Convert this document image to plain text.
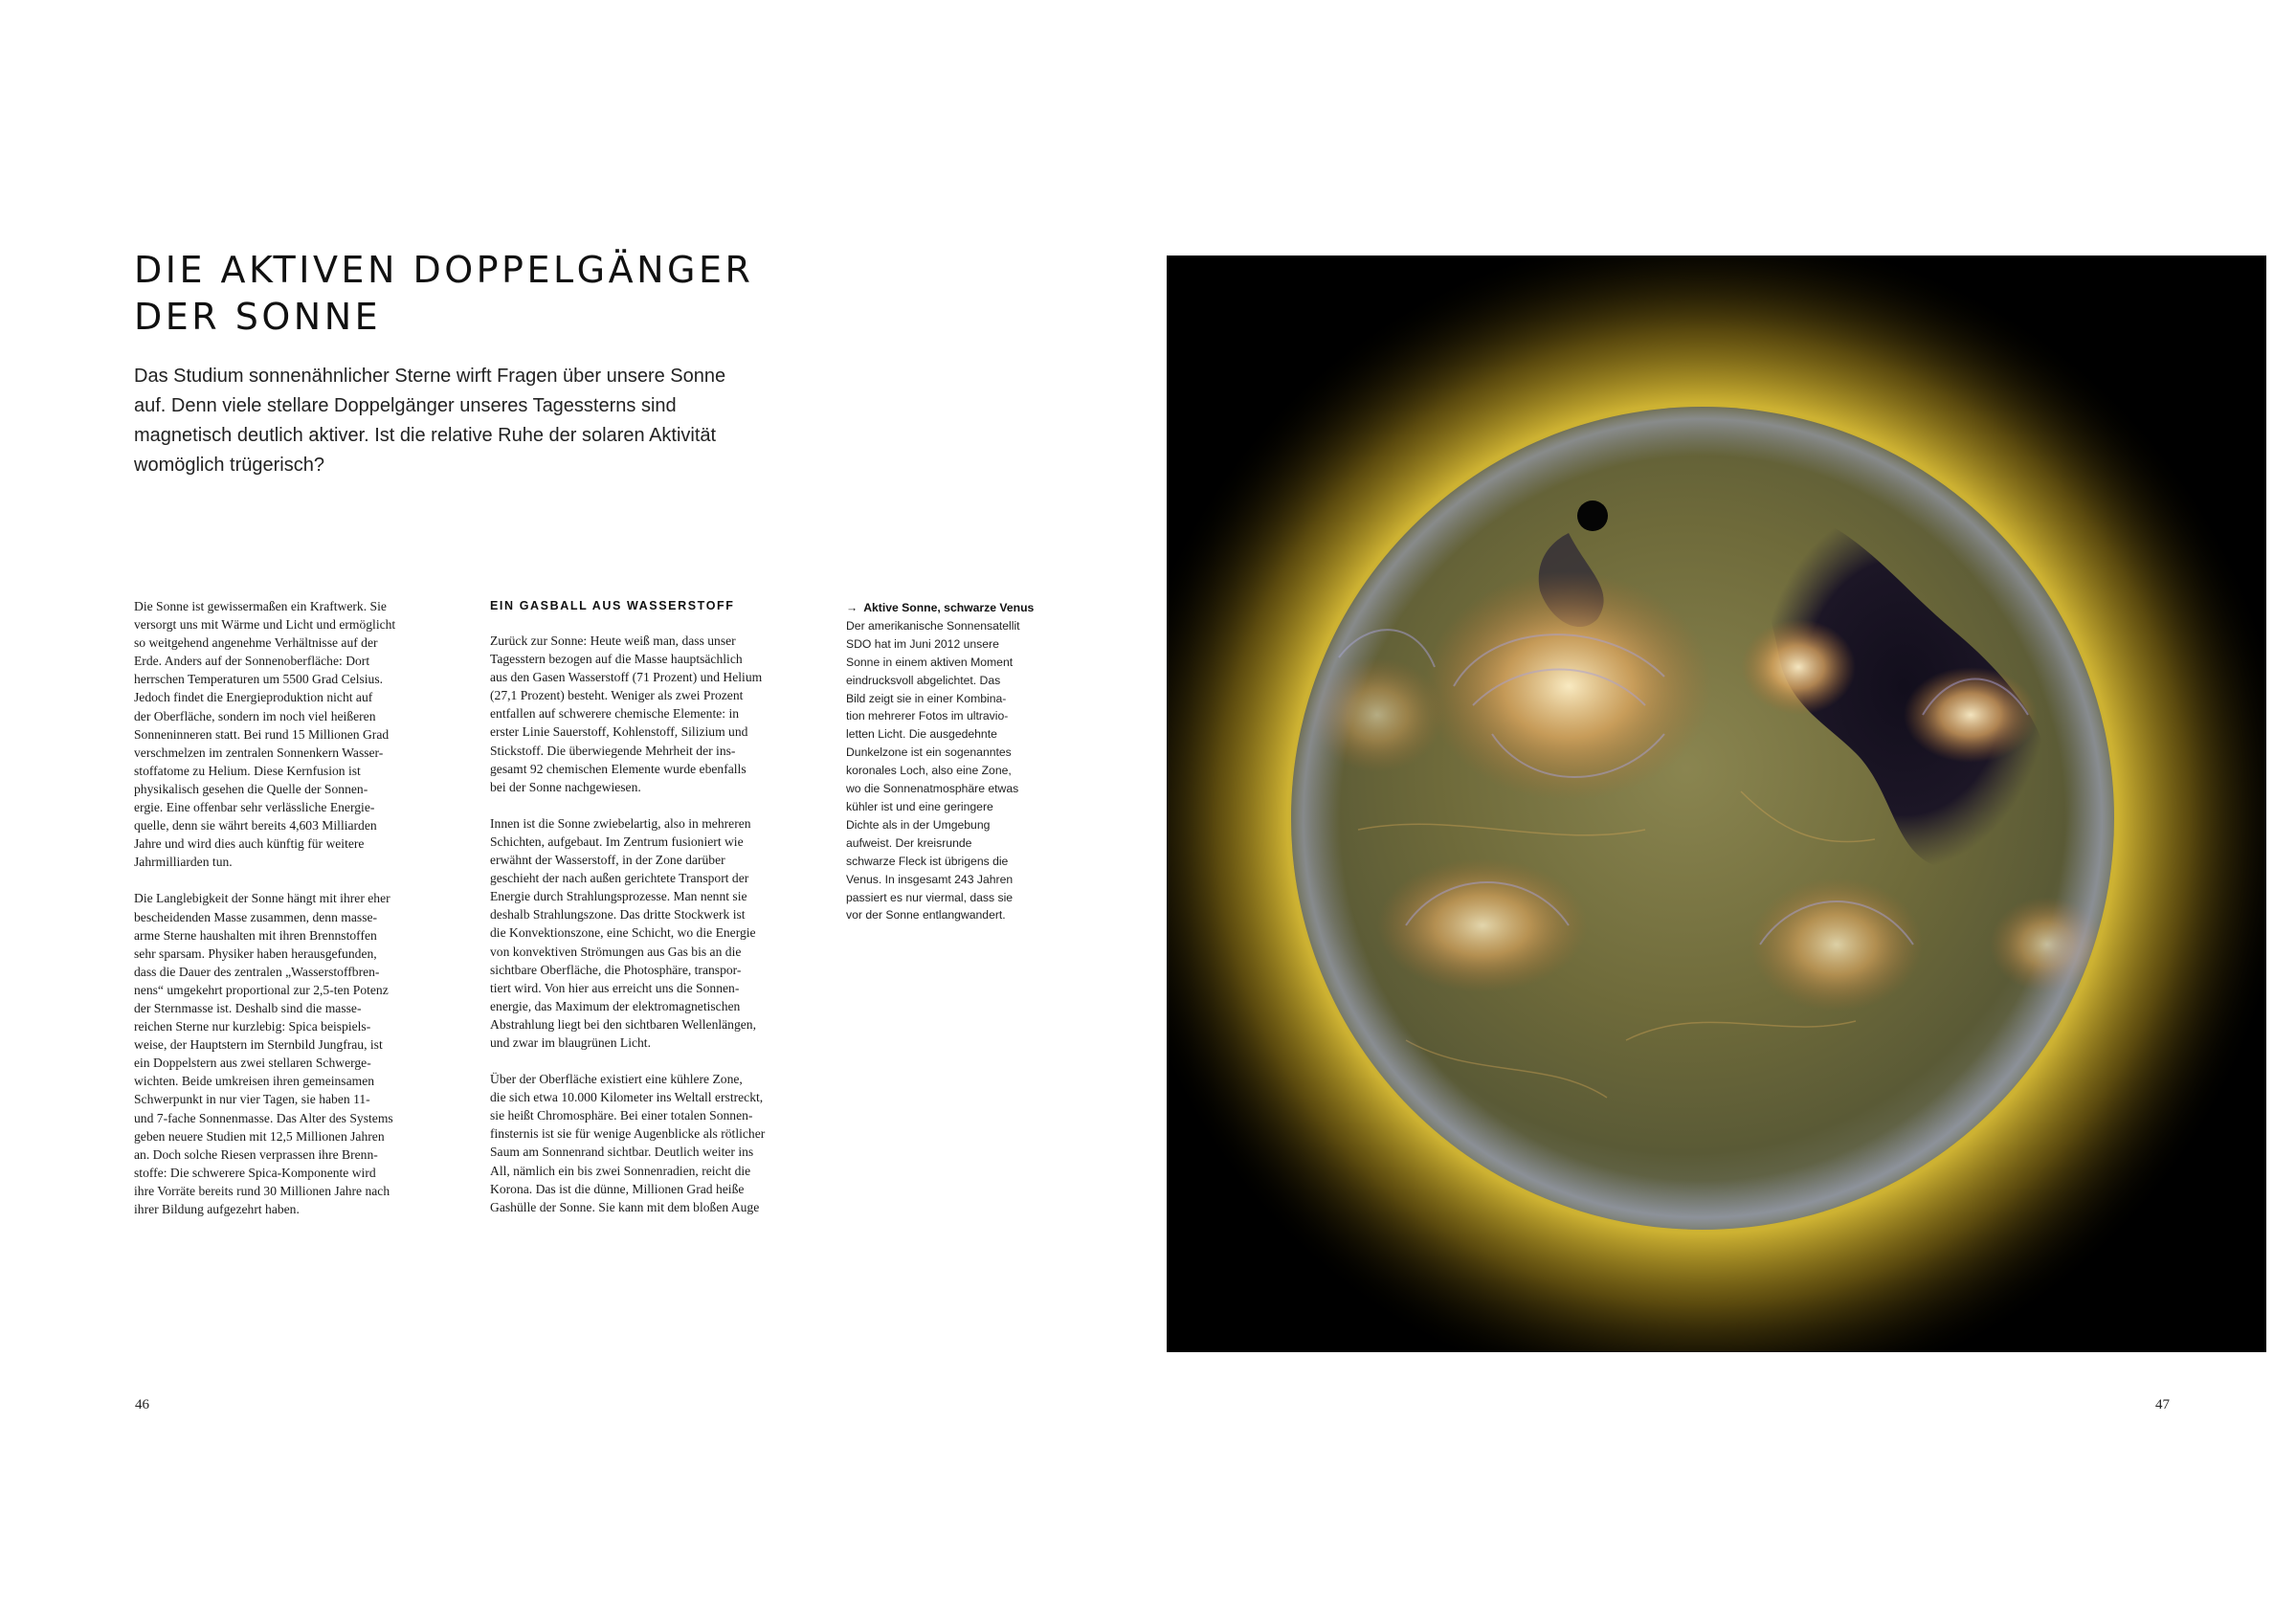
DIE AKTIVEN DOPPELGÄNGER
DER SONNE

Das Studium sonnenähnlicher Sterne wirft Fragen über unsere Sonne
auf. Denn viele stellare Doppelgänger unseres Tagessterns sind
magnetisch deutlich aktiver. Ist die relative Ruhe der solaren Aktivität
womöglich trügerisch?

Die Sonne ist gewissermaßen ein Kraftwerk. Sie
versorgt uns mit Wärme und Licht und ermöglicht
so weitgehend angenehme Verhältnisse auf der
Erde. Anders auf der Sonnenoberfläche: Dort
herrschen Temperaturen um 5500 Grad Celsius.
Jedoch findet die Energieproduktion nicht auf
der Oberfläche, sondern im noch viel heißeren
Sonneninneren statt. Bei rund 15 Millionen Grad
verschmelzen im zentralen Sonnenkern Wasser-
stoffatome zu Helium. Diese Kernfusion ist
physikalisch gesehen die Quelle der Sonnen-
ergie. Eine offenbar sehr verlässliche Energie-
quelle, denn sie währt bereits 4,603 Milliarden
Jahre und wird dies auch künftig für weitere
Jahrmilliarden tun.
Die Langlebigkeit der Sonne hängt mit ihrer eher
bescheidenden Masse zusammen, denn masse-
arme Sterne haushalten mit ihren Brennstoffen
sehr sparsam. Physiker haben herausgefunden,
dass die Dauer des zentralen „Wasserstoffbren-
nens“ umgekehrt proportional zur 2,5-ten Potenz
der Sternmasse ist. Deshalb sind die masse-
reichen Sterne nur kurzlebig: Spica beispiels-
weise, der Hauptstern im Sternbild Jungfrau, ist
ein Doppelstern aus zwei stellaren Schwerge-
wichten. Beide umkreisen ihren gemeinsamen
Schwerpunkt in nur vier Tagen, sie haben 11-
und 7-fache Sonnenmasse. Das Alter des Systems
geben neuere Studien mit 12,5 Millionen Jahren
an. Doch solche Riesen verprassen ihre Brenn-
stoffe: Die schwerere Spica-Komponente wird
ihre Vorräte bereits rund 30 Millionen Jahre nach
ihrer Bildung aufgezehrt haben.
EIN GASBALL AUS WASSERSTOFF
Zurück zur Sonne: Heute weiß man, dass unser
Tagesstern bezogen auf die Masse hauptsächlich
aus den Gasen Wasserstoff (71 Prozent) und Helium
(27,1 Prozent) besteht. Weniger als zwei Prozent
entfallen auf schwerere chemische Elemente: in
erster Linie Sauerstoff, Kohlenstoff, Silizium und
Stickstoff. Die überwiegende Mehrheit der ins-
gesamt 92 chemischen Elemente wurde ebenfalls
bei der Sonne nachgewiesen.
Innen ist die Sonne zwiebelartig, also in mehreren
Schichten, aufgebaut. Im Zentrum fusioniert wie
erwähnt der Wasserstoff, in der Zone darüber
geschieht der nach außen gerichtete Transport der
Energie durch Strahlungsprozesse. Man nennt sie
deshalb Strahlungszone. Das dritte Stockwerk ist
die Konvektionszone, eine Schicht, wo die Energie
von konvektiven Strömungen aus Gas bis an die
sichtbare Oberfläche, die Photosphäre, transpor-
tiert wird. Von hier aus erreicht uns die Sonnen-
energie, das Maximum der elektromagnetischen
Abstrahlung liegt bei den sichtbaren Wellenlängen,
und zwar im blaugrünen Licht.
Über der Oberfläche existiert eine kühlere Zone,
die sich etwa 10.000 Kilometer ins Weltall erstreckt,
sie heißt Chromosphäre. Bei einer totalen Sonnen-
finsternis ist sie für wenige Augenblicke als rötlicher
Saum am Sonnenrand sichtbar. Deutlich weiter ins
All, nämlich ein bis zwei Sonnenradien, reicht die
Korona. Das ist die dünne, Millionen Grad heiße
Gashülle der Sonne. Sie kann mit dem bloßen Auge
→ Aktive Sonne, schwarze Venus
Der amerikanische Sonnensatellit
SDO hat im Juni 2012 unsere
Sonne in einem aktiven Moment
eindrucksvoll abgelichtet. Das
Bild zeigt sie in einer Kombina-
tion mehrerer Fotos im ultravio-
letten Licht. Die ausgedehnte
Dunkelzone ist ein sogenanntes
koronales Loch, also eine Zone,
wo die Sonnenatmosphäre etwas
kühler ist und eine geringere
Dichte als in der Umgebung
aufweist. Der kreisrunde
schwarze Fleck ist übrigens die
Venus. In insgesamt 243 Jahren
passiert es nur viermal, dass sie
vor der Sonne entlangwandert.
46	47
